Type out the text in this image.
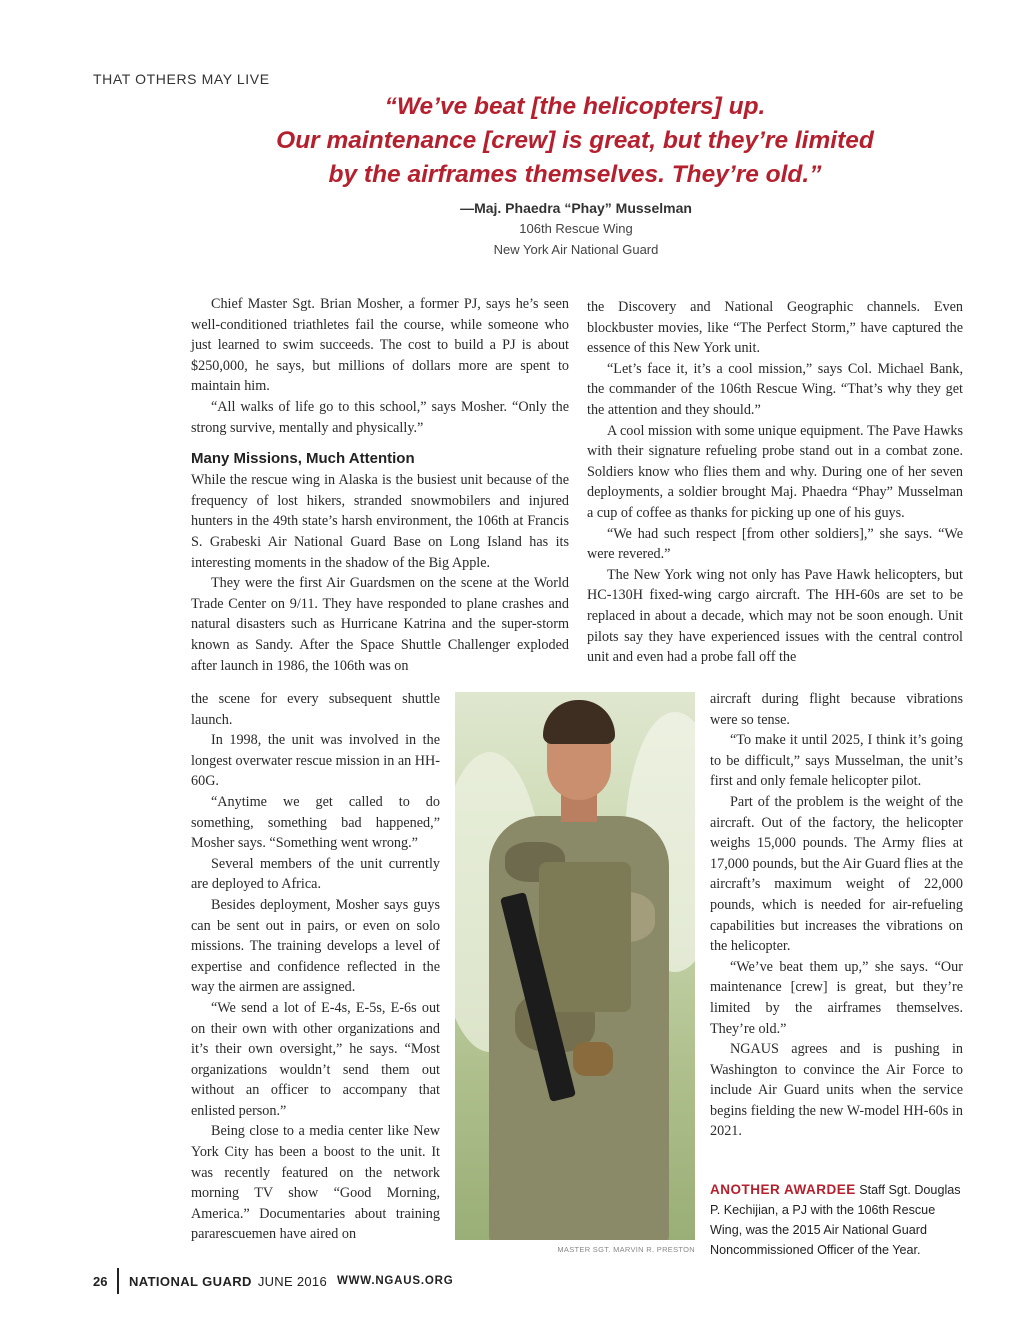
THAT OTHERS MAY LIVE
“We’ve beat [the helicopters] up.
Our maintenance [crew] is great, but they’re limited
by the airframes themselves. They’re old.”
—Maj. Phaedra “Phay” Musselman
106th Rescue Wing
New York Air National Guard

Chief Master Sgt. Brian Mosher, a former PJ, says he’s seen well-conditioned triathletes fail the course, while someone who just learned to swim succeeds. The cost to build a PJ is about $250,000, he says, but millions of dollars more are spent to maintain him.

“All walks of life go to this school,” says Mosher. “Only the strong survive, mentally and physically.”

Many Missions, Much Attention

While the rescue wing in Alaska is the busiest unit because of the frequency of lost hikers, stranded snowmobilers and injured hunters in the 49th state’s harsh environment, the 106th at Francis S. Grabeski Air National Guard Base on Long Island has its interesting moments in the shadow of the Big Apple.

They were the first Air Guardsmen on the scene at the World Trade Center on 9/11. They have responded to plane crashes and natural disasters such as Hurricane Katrina and the super-storm known as Sandy. After the Space Shuttle Challenger exploded after launch in 1986, the 106th was on

the scene for every subsequent shuttle launch.

In 1998, the unit was involved in the longest overwater rescue mission in an HH-60G.

“Anytime we get called to do something, something bad happened,” Mosher says. “Something went wrong.”

Several members of the unit currently are deployed to Africa.

Besides deployment, Mosher says guys can be sent out in pairs, or even on solo missions. The training develops a level of expertise and confidence reflected in the way the airmen are assigned.

“We send a lot of E-4s, E-5s, E-6s out on their own with other organizations and it’s their own oversight,” he says. “Most organizations wouldn’t send them out without an officer to accompany that enlisted person.”

Being close to a media center like New York City has been a boost to the unit. It was recently featured on the network morning TV show “Good Morning, America.” Documentaries about training pararescuemen have aired on

the Discovery and National Geographic channels. Even blockbuster movies, like “The Perfect Storm,” have captured the essence of this New York unit.

“Let’s face it, it’s a cool mission,” says Col. Michael Bank, the commander of the 106th Rescue Wing. “That’s why they get the attention and they should.”

A cool mission with some unique equipment. The Pave Hawks with their signature refueling probe stand out in a combat zone. Soldiers know who flies them and why. During one of her seven deployments, a soldier brought Maj. Phaedra “Phay” Musselman a cup of coffee as thanks for picking up one of his guys.

“We had such respect [from other soldiers],” she says. “We were revered.”

The New York wing not only has Pave Hawk helicopters, but HC-130H fixed-wing cargo aircraft. The HH-60s are set to be replaced in about a decade, which may not be soon enough. Unit pilots say they have experienced issues with the central control unit and even had a probe fall off the

aircraft during flight because vibrations were so tense.

“To make it until 2025, I think it’s going to be difficult,” says Musselman, the unit’s first and only female helicopter pilot.

Part of the problem is the weight of the aircraft. Out of the factory, the helicopter weighs 15,000 pounds. The Army flies at 17,000 pounds, but the Air Guard flies at the aircraft’s maximum weight of 22,000 pounds, which is needed for air-refueling capabilities but increases the vibrations on the helicopter.

“We’ve beat them up,” she says. “Our maintenance [crew] is great, but they’re limited by the airframes themselves. They’re old.”

NGAUS agrees and is pushing in Washington to convince the Air Force to include Air Guard units when the service begins fielding the new W-model HH-60s in 2021.

MASTER SGT. MARVIN R. PRESTON
ANOTHER AWARDEE Staff Sgt. Douglas P. Kechijian, a PJ with the 106th Rescue Wing, was the 2015 Air National Guard Noncommissioned Officer of the Year.
26 NATIONAL GUARD JUNE 2016 WWW.NGAUS.ORG
